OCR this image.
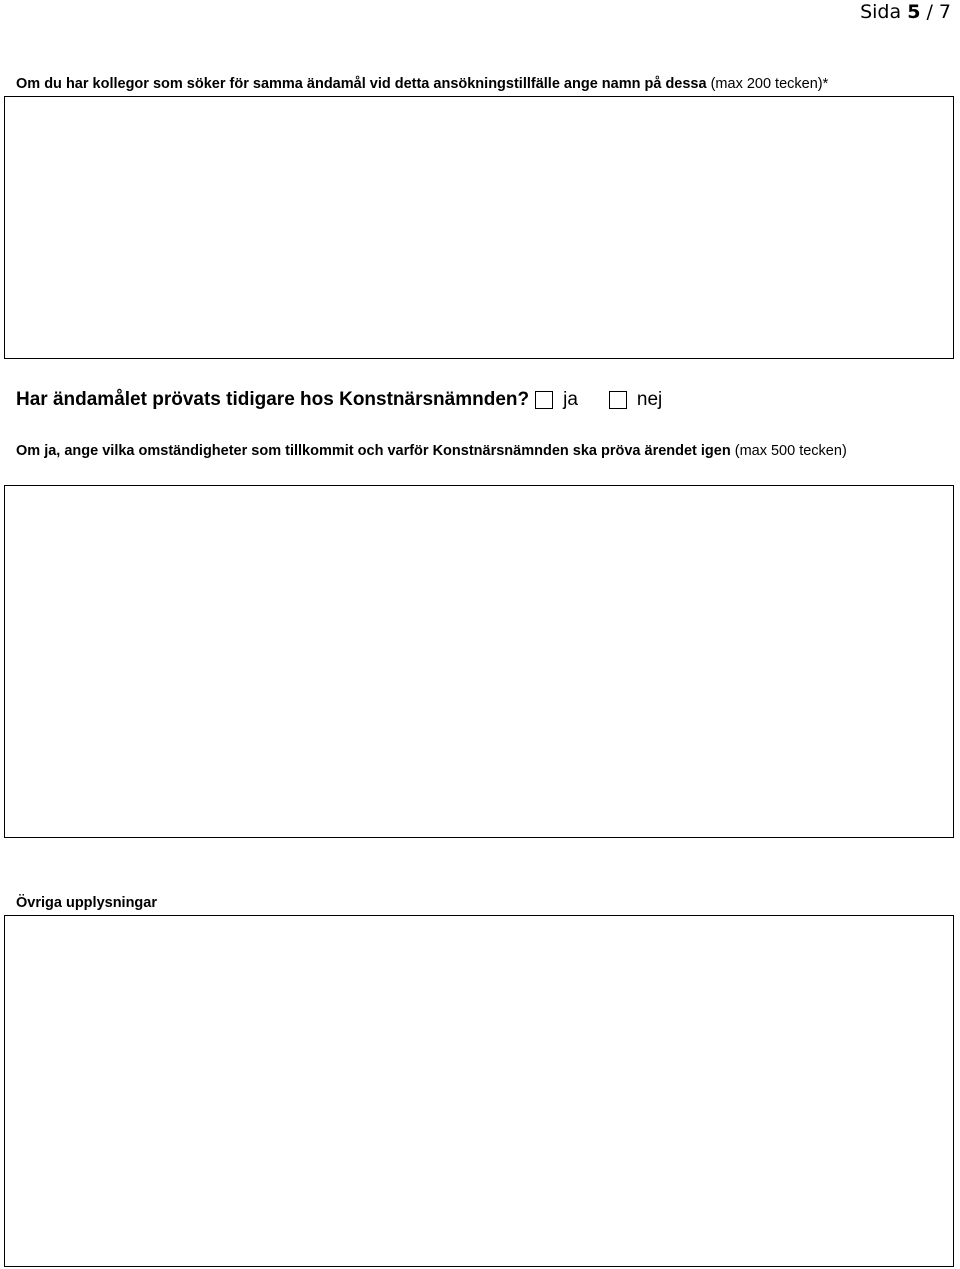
Sida 5 / 7
Om du har kollegor som söker för samma ändamål vid detta ansökningstillfälle ange namn på dessa (max 200 tecken)*
Har ändamålet prövats tidigare hos Konstnärsnämnden? ja	nej
Om ja, ange vilka omständigheter som tillkommit och varför Konstnärsnämnden ska pröva ärendet igen (max 500 tecken)
Övriga upplysningar
